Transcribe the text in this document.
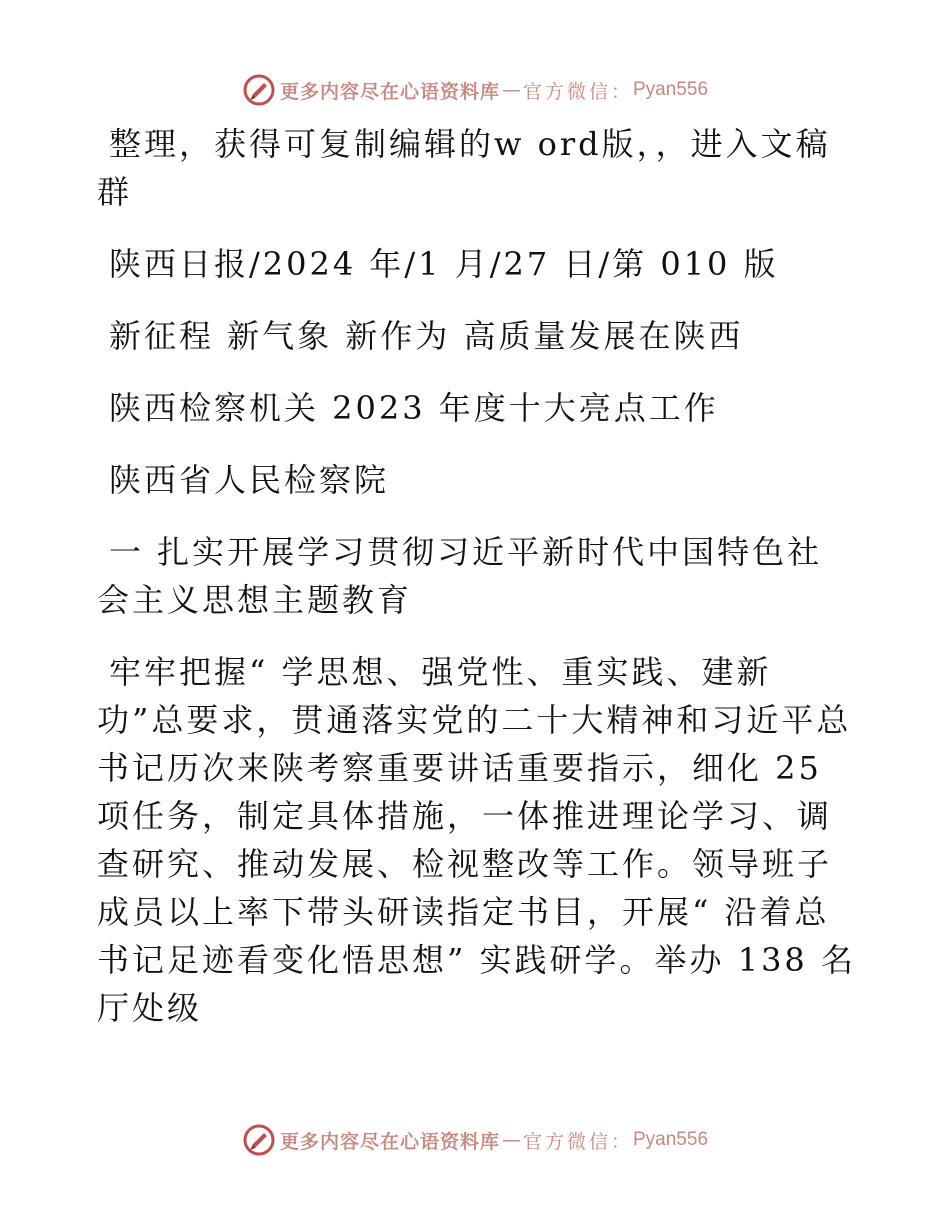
更多内容尽在心语资料库 — 官方微信： Pyan556

整理，获得可复制编辑的w ord版，，进入文稿群

陕西日报/2024 年/1 月/27 日/第 010 版

新征程 新气象 新作为 高质量发展在陕西

陕西检察机关 2023 年度十大亮点工作

陕西省人民检察院

一 扎实开展学习贯彻习近平新时代中国特色社会主义思想主题教育

牢牢把握“ 学思想、强党性、重实践、建新功”总要求，贯通落实党的二十大精神和习近平总书记历次来陕考察重要讲话重要指示，细化 25 项任务，制定具体措施，一体推进理论学习、调查研究、推动发展、检视整改等工作。领导班子成员以上率下带头研读指定书目，开展“ 沿着总书记足迹看变化悟思想” 实践研学。举办 138 名厅处级

更多内容尽在心语资料库 — 官方微信： Pyan556
